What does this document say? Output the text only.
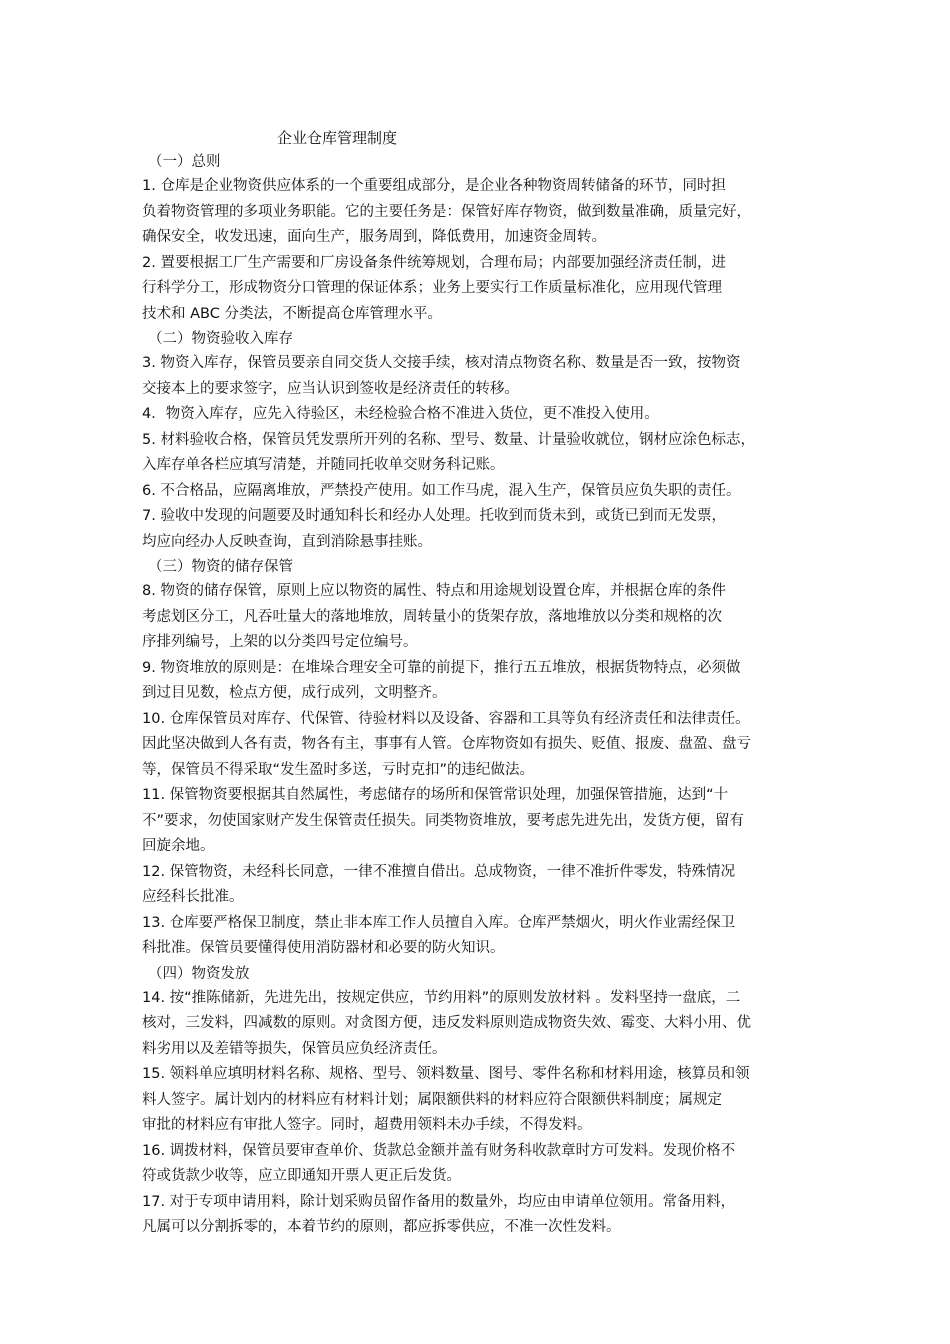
企业仓库管理制度
（一）总则
1. 仓库是企业物资供应体系的一个重要组成部分，是企业各种物资周转储备的环节，同时担
负着物资管理的多项业务职能。它的主要任务是：保管好库存物资，做到数量准确，质量完好，
确保安全，收发迅速，面向生产，服务周到，降低费用，加速资金周转。
2. 置要根据工厂生产需要和厂房设备条件统筹规划，合理布局；内部要加强经济责任制，进
行科学分工，形成物资分口管理的保证体系；业务上要实行工作质量标准化，应用现代管理
技术和 ABC 分类法，不断提高仓库管理水平。
（二）物资验收入库存
3. 物资入库存，保管员要亲自同交货人交接手续，核对清点物资名称、数量是否一致，按物资
交接本上的要求签字，应当认识到签收是经济责任的转移。
4．物资入库存，应先入待验区，未经检验合格不准进入货位，更不准投入使用。
5. 材料验收合格，保管员凭发票所开列的名称、型号、数量、计量验收就位，钢材应涂色标志，
入库存单各栏应填写清楚，并随同托收单交财务科记账。
6. 不合格品，应隔离堆放，严禁投产使用。如工作马虎，混入生产，保管员应负失职的责任。
7. 验收中发现的问题要及时通知科长和经办人处理。托收到而货未到，或货已到而无发票，
均应向经办人反映查询，直到消除悬事挂账。
（三）物资的储存保管
8. 物资的储存保管，原则上应以物资的属性、特点和用途规划设置仓库，并根据仓库的条件
考虑划区分工，凡吞吐量大的落地堆放，周转量小的货架存放，落地堆放以分类和规格的次
序排列编号，上架的以分类四号定位编号。
9. 物资堆放的原则是：在堆垛合理安全可靠的前提下，推行五五堆放，根据货物特点，必须做
到过目见数，检点方便，成行成列，文明整齐。
10. 仓库保管员对库存、代保管、待验材料以及设备、容器和工具等负有经济责任和法律责任。
因此坚决做到人各有责，物各有主，事事有人管。仓库物资如有损失、贬值、报废、盘盈、盘亏
等，保管员不得采取“发生盈时多送，亏时克扣”的违纪做法。
11. 保管物资要根据其自然属性，考虑储存的场所和保管常识处理，加强保管措施，达到“十
不”要求，勿使国家财产发生保管责任损失。同类物资堆放，要考虑先进先出，发货方便，留有
回旋余地。
12. 保管物资，未经科长同意，一律不准擅自借出。总成物资，一律不准折件零发，特殊情况
应经科长批准。
13. 仓库要严格保卫制度，禁止非本库工作人员擅自入库。仓库严禁烟火，明火作业需经保卫
科批准。保管员要懂得使用消防器材和必要的防火知识。
（四）物资发放
14. 按“推陈储新，先进先出，按规定供应，节约用料”的原则发放材料 。发料坚持一盘底，二
核对，三发料，四减数的原则。对贪图方便，违反发料原则造成物资失效、霉变、大料小用、优
料劣用以及差错等损失，保管员应负经济责任。
15. 领料单应填明材料名称、规格、型号、领料数量、图号、零件名称和材料用途，核算员和领
料人签字。属计划内的材料应有材料计划；属限额供料的材料应符合限额供料制度；属规定
审批的材料应有审批人签字。同时，超费用领料未办手续，不得发料。
16. 调拨材料，保管员要审查单价、货款总金额并盖有财务科收款章时方可发料。发现价格不
符或货款少收等，应立即通知开票人更正后发货。
17. 对于专项申请用料，除计划采购员留作备用的数量外，均应由申请单位领用。常备用料，
凡属可以分割拆零的，本着节约的原则，都应拆零供应，不准一次性发料。
